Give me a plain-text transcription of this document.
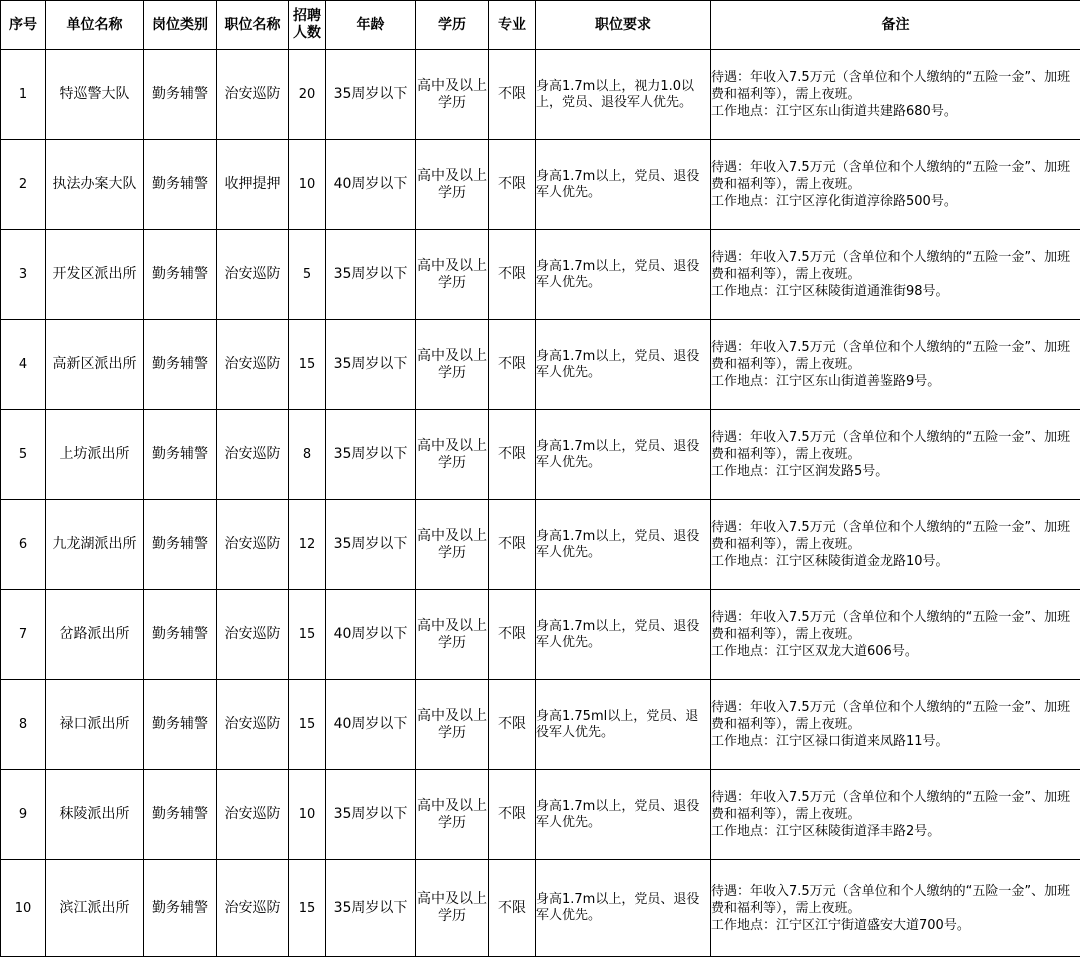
序号	单位名称	岗位类别	职位名称	招聘人数	年龄	学历	专业	职位要求	备注
1	特巡警大队	勤务辅警	治安巡防	20	35周岁以下	高中及以上学历	不限	身高1.7m以上，视力1.0以上，党员、退役军人优先。	待遇：年收入7.5万元（含单位和个人缴纳的“五险一金”、加班费和福利等），需上夜班。
工作地点：江宁区东山街道共建路680号。
2	执法办案大队	勤务辅警	收押提押	10	40周岁以下	高中及以上学历	不限	身高1.7m以上，党员、退役军人优先。	待遇：年收入7.5万元（含单位和个人缴纳的“五险一金”、加班费和福利等），需上夜班。
工作地点：江宁区淳化街道淳徐路500号。
3	开发区派出所	勤务辅警	治安巡防	5	35周岁以下	高中及以上学历	不限	身高1.7m以上，党员、退役军人优先。	待遇：年收入7.5万元（含单位和个人缴纳的“五险一金”、加班费和福利等），需上夜班。
工作地点：江宁区秣陵街道通淮街98号。
4	高新区派出所	勤务辅警	治安巡防	15	35周岁以下	高中及以上学历	不限	身高1.7m以上，党员、退役军人优先。	待遇：年收入7.5万元（含单位和个人缴纳的“五险一金”、加班费和福利等），需上夜班。
工作地点：江宁区东山街道善鉴路9号。
5	上坊派出所	勤务辅警	治安巡防	8	35周岁以下	高中及以上学历	不限	身高1.7m以上，党员、退役军人优先。	待遇：年收入7.5万元（含单位和个人缴纳的“五险一金”、加班费和福利等），需上夜班。
工作地点：江宁区润发路5号。
6	九龙湖派出所	勤务辅警	治安巡防	12	35周岁以下	高中及以上学历	不限	身高1.7m以上，党员、退役军人优先。	待遇：年收入7.5万元（含单位和个人缴纳的“五险一金”、加班费和福利等），需上夜班。
工作地点：江宁区秣陵街道金龙路10号。
7	岔路派出所	勤务辅警	治安巡防	15	40周岁以下	高中及以上学历	不限	身高1.7m以上，党员、退役军人优先。	待遇：年收入7.5万元（含单位和个人缴纳的“五险一金”、加班费和福利等），需上夜班。
工作地点：江宁区双龙大道606号。
8	禄口派出所	勤务辅警	治安巡防	15	40周岁以下	高中及以上学历	不限	身高1.75ml以上，党员、退役军人优先。	待遇：年收入7.5万元（含单位和个人缴纳的“五险一金”、加班费和福利等），需上夜班。
工作地点：江宁区禄口街道来凤路11号。
9	秣陵派出所	勤务辅警	治安巡防	10	35周岁以下	高中及以上学历	不限	身高1.7m以上，党员、退役军人优先。	待遇：年收入7.5万元（含单位和个人缴纳的“五险一金”、加班费和福利等），需上夜班。
工作地点：江宁区秣陵街道泽丰路2号。
10	滨江派出所	勤务辅警	治安巡防	15	35周岁以下	高中及以上学历	不限	身高1.7m以上，党员、退役军人优先。	待遇：年收入7.5万元（含单位和个人缴纳的“五险一金”、加班费和福利等），需上夜班。
工作地点：江宁区江宁街道盛安大道700号。
